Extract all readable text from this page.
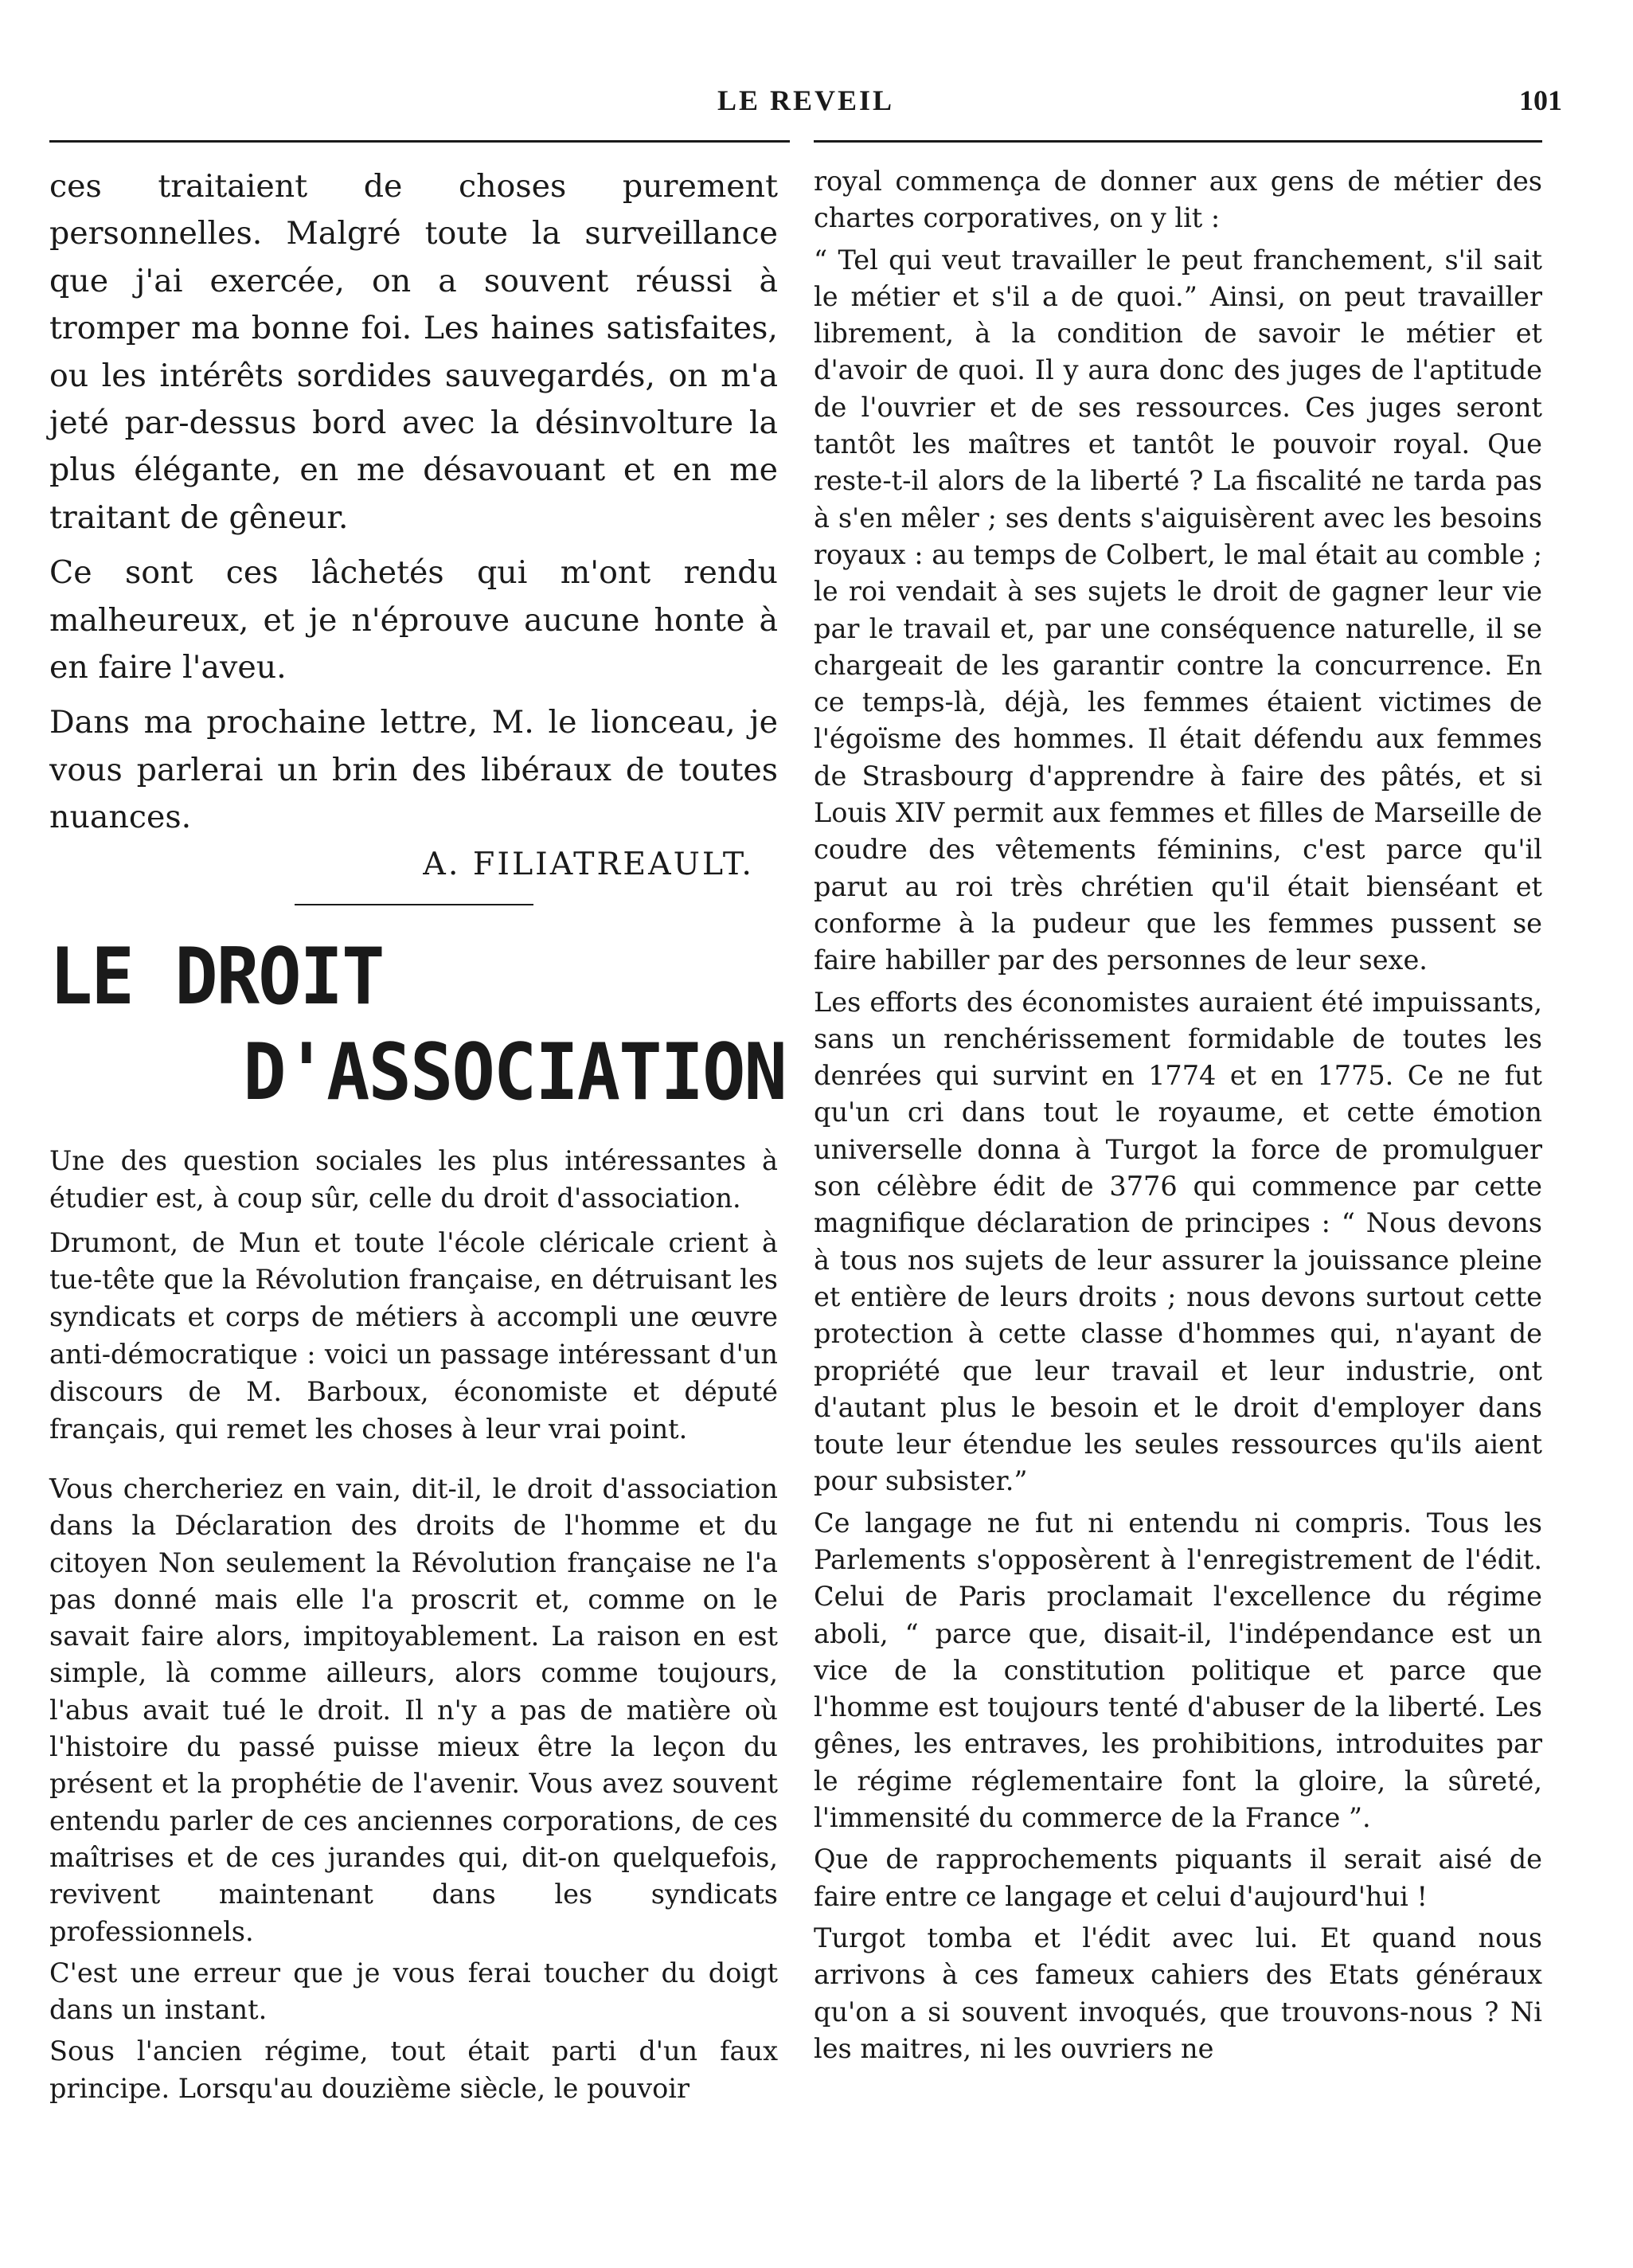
LE REVEIL	101

ces traitaient de choses purement personnelles. Malgré toute la surveillance que j'ai exercée, on a souvent réussi à tromper ma bonne foi. Les haines satisfaites, ou les intérêts sordides sauvegardés, on m'a jeté par-dessus bord avec la désinvolture la plus élégante, en me désavouant et en me traitant de gêneur.

Ce sont ces lâchetés qui m'ont rendu malheureux, et je n'éprouve aucune honte à en faire l'aveu.

Dans ma prochaine lettre, M. le lionceau, je vous parlerai un brin des libéraux de toutes nuances.

A. FILIATREAULT.

LE DROIT
D'ASSOCIATION

Une des question sociales les plus intéressantes à étudier est, à coup sûr, celle du droit d'association.

Drumont, de Mun et toute l'école cléricale crient à tue-tête que la Révolution française, en détruisant les syndicats et corps de métiers à accompli une œuvre anti-démocratique : voici un passage intéressant d'un discours de M. Barboux, économiste et député français, qui remet les choses à leur vrai point.

Vous chercheriez en vain, dit-il, le droit d'association dans la Déclaration des droits de l'homme et du citoyen Non seulement la Révolution française ne l'a pas donné mais elle l'a proscrit et, comme on le savait faire alors, impitoyablement. La raison en est simple, là comme ailleurs, alors comme toujours, l'abus avait tué le droit. Il n'y a pas de matière où l'histoire du passé puisse mieux être la leçon du présent et la prophétie de l'avenir. Vous avez souvent entendu parler de ces anciennes corporations, de ces maîtrises et de ces jurandes qui, dit-on quelquefois, revivent maintenant dans les syndicats professionnels.

C'est une erreur que je vous ferai toucher du doigt dans un instant.

Sous l'ancien régime, tout était parti d'un faux principe. Lorsqu'au douzième siècle, le pouvoir

royal commença de donner aux gens de métier des chartes corporatives, on y lit :

“ Tel qui veut travailler le peut franchement, s'il sait le métier et s'il a de quoi.” Ainsi, on peut travailler librement, à la condition de savoir le métier et d'avoir de quoi. Il y aura donc des juges de l'aptitude de l'ouvrier et de ses ressources. Ces juges seront tantôt les maîtres et tantôt le pouvoir royal. Que reste-t-il alors de la liberté ? La fiscalité ne tarda pas à s'en mêler ; ses dents s'aiguisèrent avec les besoins royaux : au temps de Colbert, le mal était au comble ; le roi vendait à ses sujets le droit de gagner leur vie par le travail et, par une conséquence naturelle, il se chargeait de les garantir contre la concurrence. En ce temps-là, déjà, les femmes étaient victimes de l'égoïsme des hommes. Il était défendu aux femmes de Strasbourg d'apprendre à faire des pâtés, et si Louis XIV permit aux femmes et filles de Marseille de coudre des vêtements féminins, c'est parce qu'il parut au roi très chrétien qu'il était bienséant et conforme à la pudeur que les femmes pussent se faire habiller par des personnes de leur sexe.

Les efforts des économistes auraient été impuissants, sans un renchérissement formidable de toutes les denrées qui survint en 1774 et en 1775. Ce ne fut qu'un cri dans tout le royaume, et cette émotion universelle donna à Turgot la force de promulguer son célèbre édit de 3776 qui commence par cette magnifique déclaration de principes : “ Nous devons à tous nos sujets de leur assurer la jouissance pleine et entière de leurs droits ; nous devons surtout cette protection à cette classe d'hommes qui, n'ayant de propriété que leur travail et leur industrie, ont d'autant plus le besoin et le droit d'employer dans toute leur étendue les seules ressources qu'ils aient pour subsister.”

Ce langage ne fut ni entendu ni compris. Tous les Parlements s'opposèrent à l'enregistrement de l'édit. Celui de Paris proclamait l'excellence du régime aboli, “ parce que, disait-il, l'indépendance est un vice de la constitution politique et parce que l'homme est toujours tenté d'abuser de la liberté. Les gênes, les entraves, les prohibitions, introduites par le régime réglementaire font la gloire, la sûreté, l'immensité du commerce de la France ”.

Que de rapprochements piquants il serait aisé de faire entre ce langage et celui d'aujourd'hui !

Turgot tomba et l'édit avec lui. Et quand nous arrivons à ces fameux cahiers des Etats généraux qu'on a si souvent invoqués, que trouvons-nous ? Ni les maitres, ni les ouvriers ne
